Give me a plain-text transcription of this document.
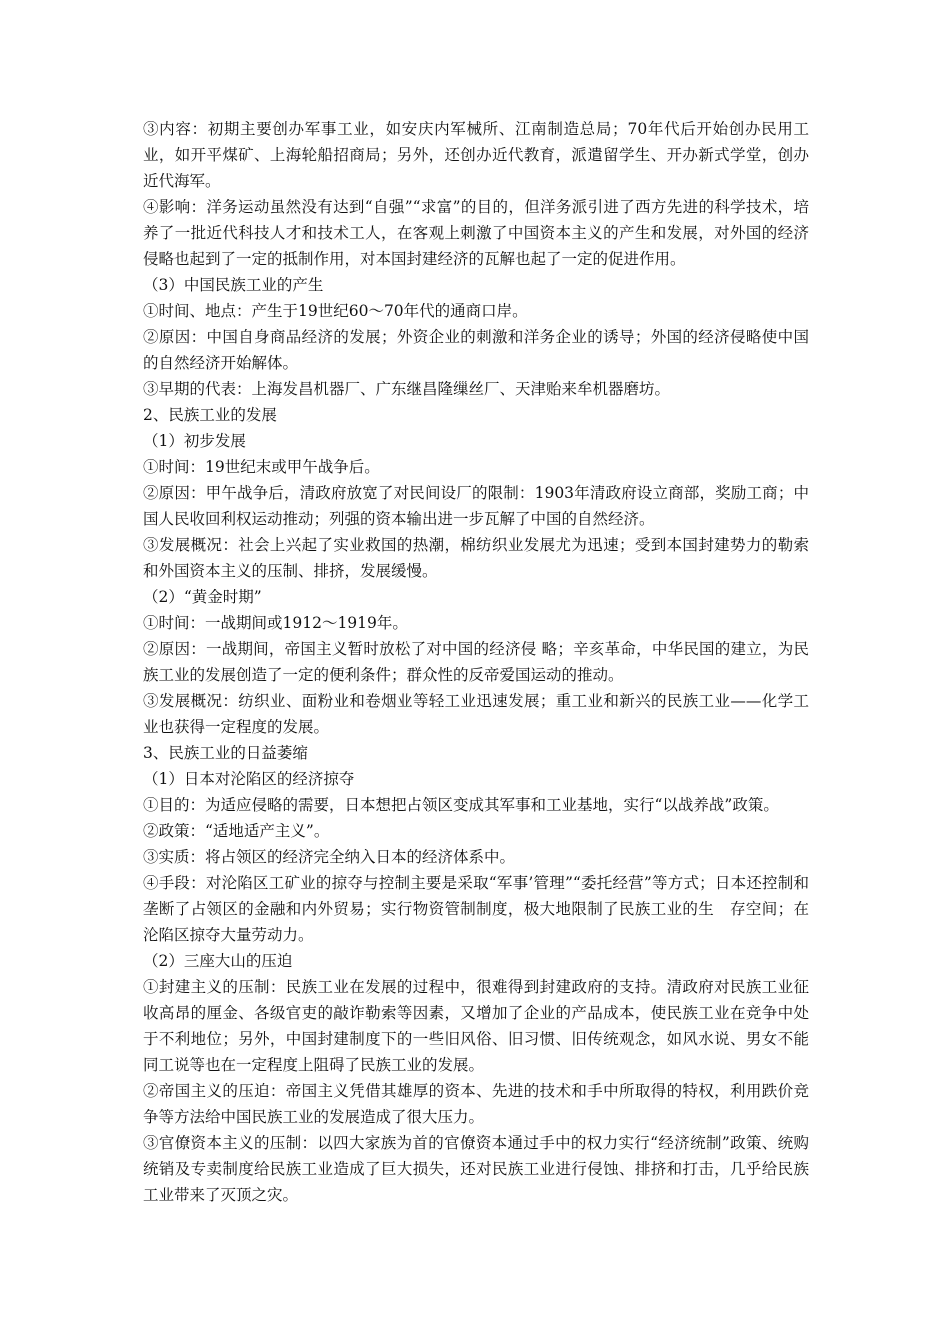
③内容：初期主要创办军事工业，如安庆内军械所、江南制造总局；70年代后开始创办民用工业，如开平煤矿、上海轮船招商局；另外，还创办近代教育，派遣留学生、开办新式学堂，创办近代海军。

④影响：洋务运动虽然没有达到“自强”“求富”的目的，但洋务派引进了西方先进的科学技术，培养了一批近代科技人才和技术工人，在客观上刺激了中国资本主义的产生和发展，对外国的经济侵略也起到了一定的抵制作用，对本国封建经济的瓦解也起了一定的促进作用。

（3）中国民族工业的产生

①时间、地点：产生于19世纪60～70年代的通商口岸。

②原因：中国自身商品经济的发展；外资企业的刺激和洋务企业的诱导；外国的经济侵略使中国的自然经济开始解体。

③早期的代表：上海发昌机器厂、广东继昌隆缫丝厂、天津贻来牟机器磨坊。

2、民族工业的发展

（1）初步发展

①时间：19世纪末或甲午战争后。

②原因：甲午战争后，清政府放宽了对民间设厂的限制：1903年清政府设立商部，奖励工商；中国人民收回利权运动推动；列强的资本输出进一步瓦解了中国的自然经济。

③发展概况：社会上兴起了实业救国的热潮，棉纺织业发展尤为迅速；受到本国封建势力的勒索和外国资本主义的压制、排挤，发展缓慢。

（2）“黄金时期”

①时间：一战期间或1912～1919年。

②原因：一战期间，帝国主义暂时放松了对中国的经济侵 略；辛亥革命，中华民国的建立，为民族工业的发展创造了一定的便利条件；群众性的反帝爱国运动的推动。

③发展概况：纺织业、面粉业和卷烟业等轻工业迅速发展；重工业和新兴的民族工业——化学工业也获得一定程度的发展。

3、民族工业的日益萎缩

（1）日本对沦陷区的经济掠夺

①目的：为适应侵略的需要，日本想把占领区变成其军事和工业基地，实行“以战养战”政策。

②政策：“适地适产主义”。

③实质：将占领区的经济完全纳入日本的经济体系中。

④手段：对沦陷区工矿业的掠夺与控制主要是采取“军事’管理”“委托经营”等方式；日本还控制和垄断了占领区的金融和内外贸易；实行物资管制制度，极大地限制了民族工业的生　存空间；在沦陷区掠夺大量劳动力。

（2）三座大山的压迫

①封建主义的压制：民族工业在发展的过程中，很难得到封建政府的支持。清政府对民族工业征收高昂的厘金、各级官吏的敲诈勒索等因素，又增加了企业的产品成本，使民族工业在竞争中处于不利地位；另外，中国封建制度下的一些旧风俗、旧习惯、旧传统观念，如风水说、男女不能同工说等也在一定程度上阻碍了民族工业的发展。

②帝国主义的压迫：帝国主义凭借其雄厚的资本、先进的技术和手中所取得的特权，利用跌价竞争等方法给中国民族工业的发展造成了很大压力。

③官僚资本主义的压制：以四大家族为首的官僚资本通过手中的权力实行“经济统制”政策、统购统销及专卖制度给民族工业造成了巨大损失，还对民族工业进行侵蚀、排挤和打击，几乎给民族工业带来了灭顶之灾。
